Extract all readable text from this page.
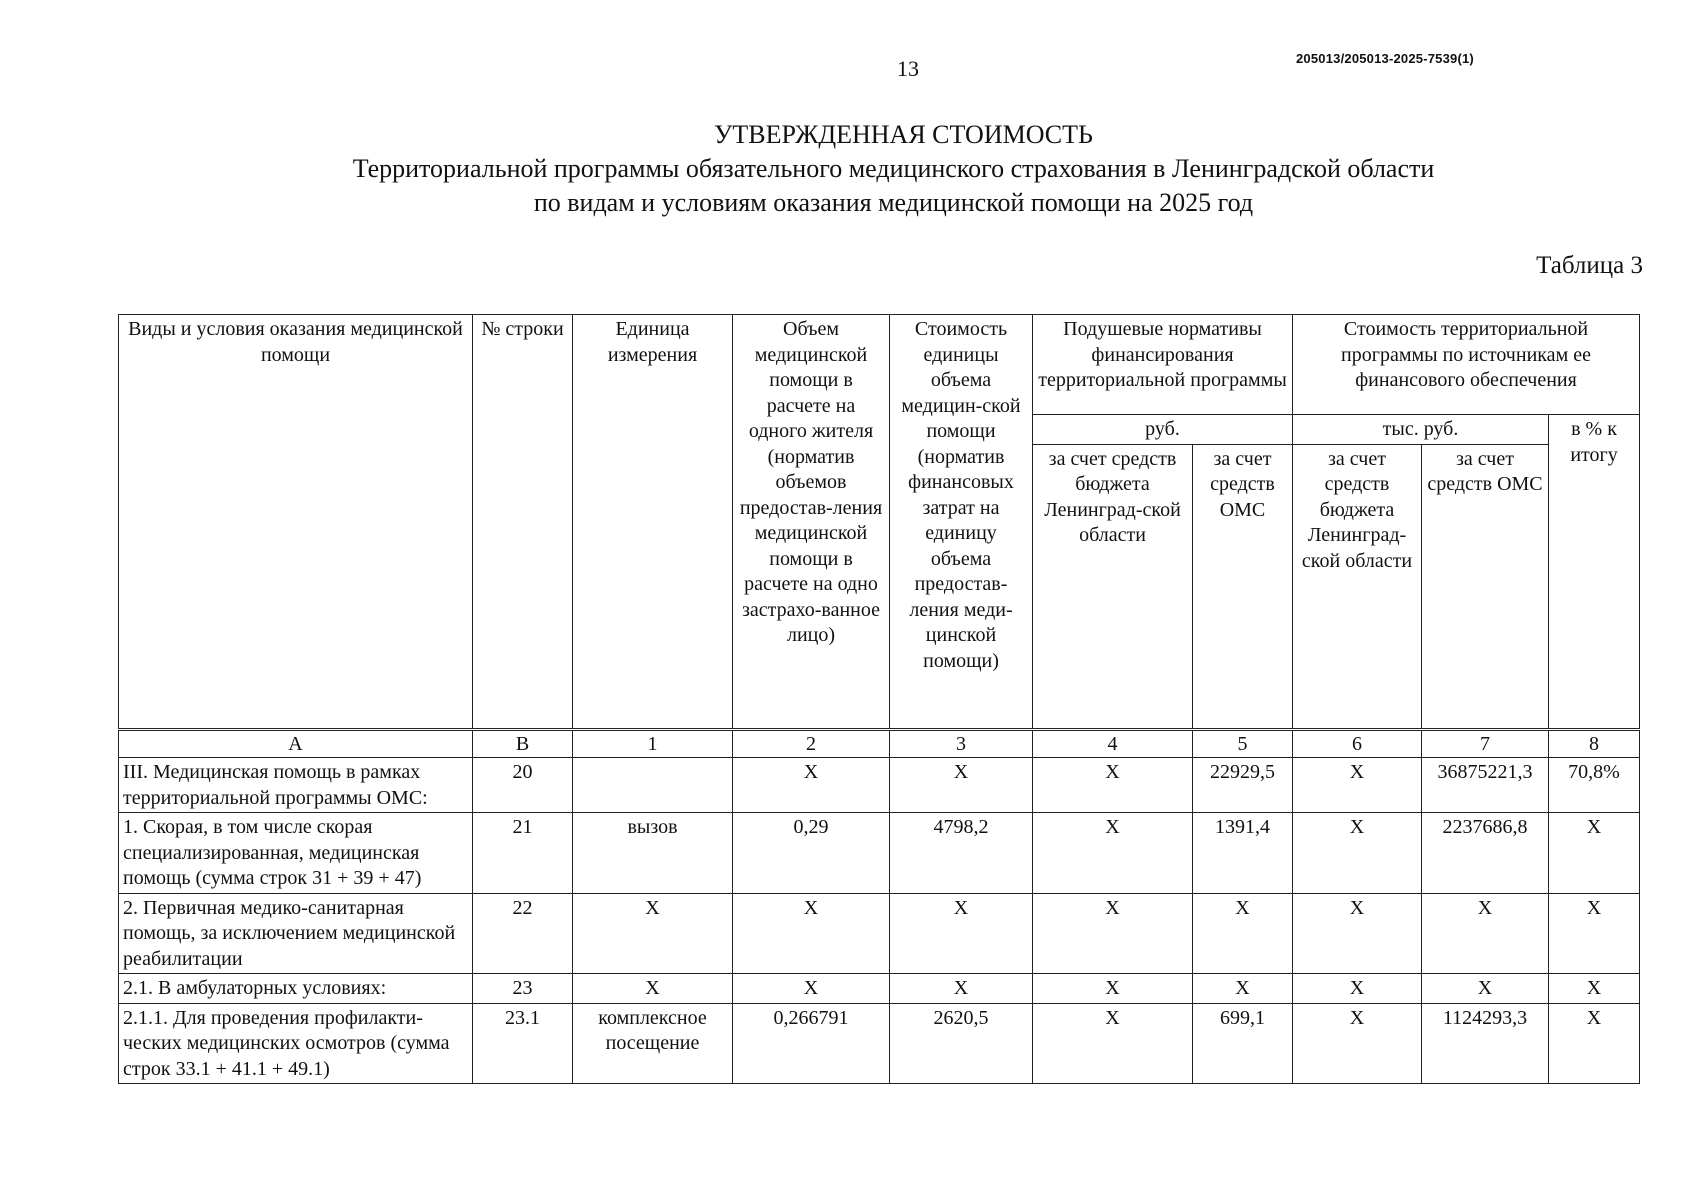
13	205013/205013-2025-7539(1)
УТВЕРЖДЕННАЯ СТОИМОСТЬ
Территориальной программы обязательного медицинского страхования в Ленинградской области
по видам и условиям оказания медицинской помощи на 2025 год
Таблица 3
Виды и условия оказания медицинской помощи	№ строки	Единица измерения	Объем медицинской помощи в расчете на одного жителя (норматив объемов предостав-ления медицинской помощи в расчете на одно застрахо-ванное лицо)	Стоимость единицы объема медицин-ской помощи (норматив финансовых затрат на единицу объема предостав-ления меди-цинской помощи)	Подушевые нормативы финансирования территориальной программы		Стоимость территориальной программы по источникам ее финансового обеспечения		
					руб.		тыс. руб.		в % к итогу
					за счет средств бюджета Ленинград-ской области	за счет средств ОМС	за счет средств бюджета Ленинград-ской области	за счет средств ОМС	
А	В	1	2	3	4	5	6	7	8
III. Медицинская помощь в рамках территориальной программы ОМС:	20		Х	Х	Х	22929,5	Х	36875221,3	70,8%
1. Скорая, в том числе скорая специализированная, медицинская помощь (сумма строк 31 + 39 + 47)	21	вызов	0,29	4798,2	Х	1391,4	Х	2237686,8	Х
2. Первичная медико-санитарная помощь, за исключением медицинской реабилитации	22	Х	Х	Х	Х	Х	Х	Х	Х
2.1. В амбулаторных условиях:	23	Х	Х	Х	Х	Х	Х	Х	Х
2.1.1. Для проведения профилакти-ческих медицинских осмотров (сумма строк 33.1 + 41.1 + 49.1)	23.1	комплексное посещение	0,266791	2620,5	Х	699,1	Х	1124293,3	Х
